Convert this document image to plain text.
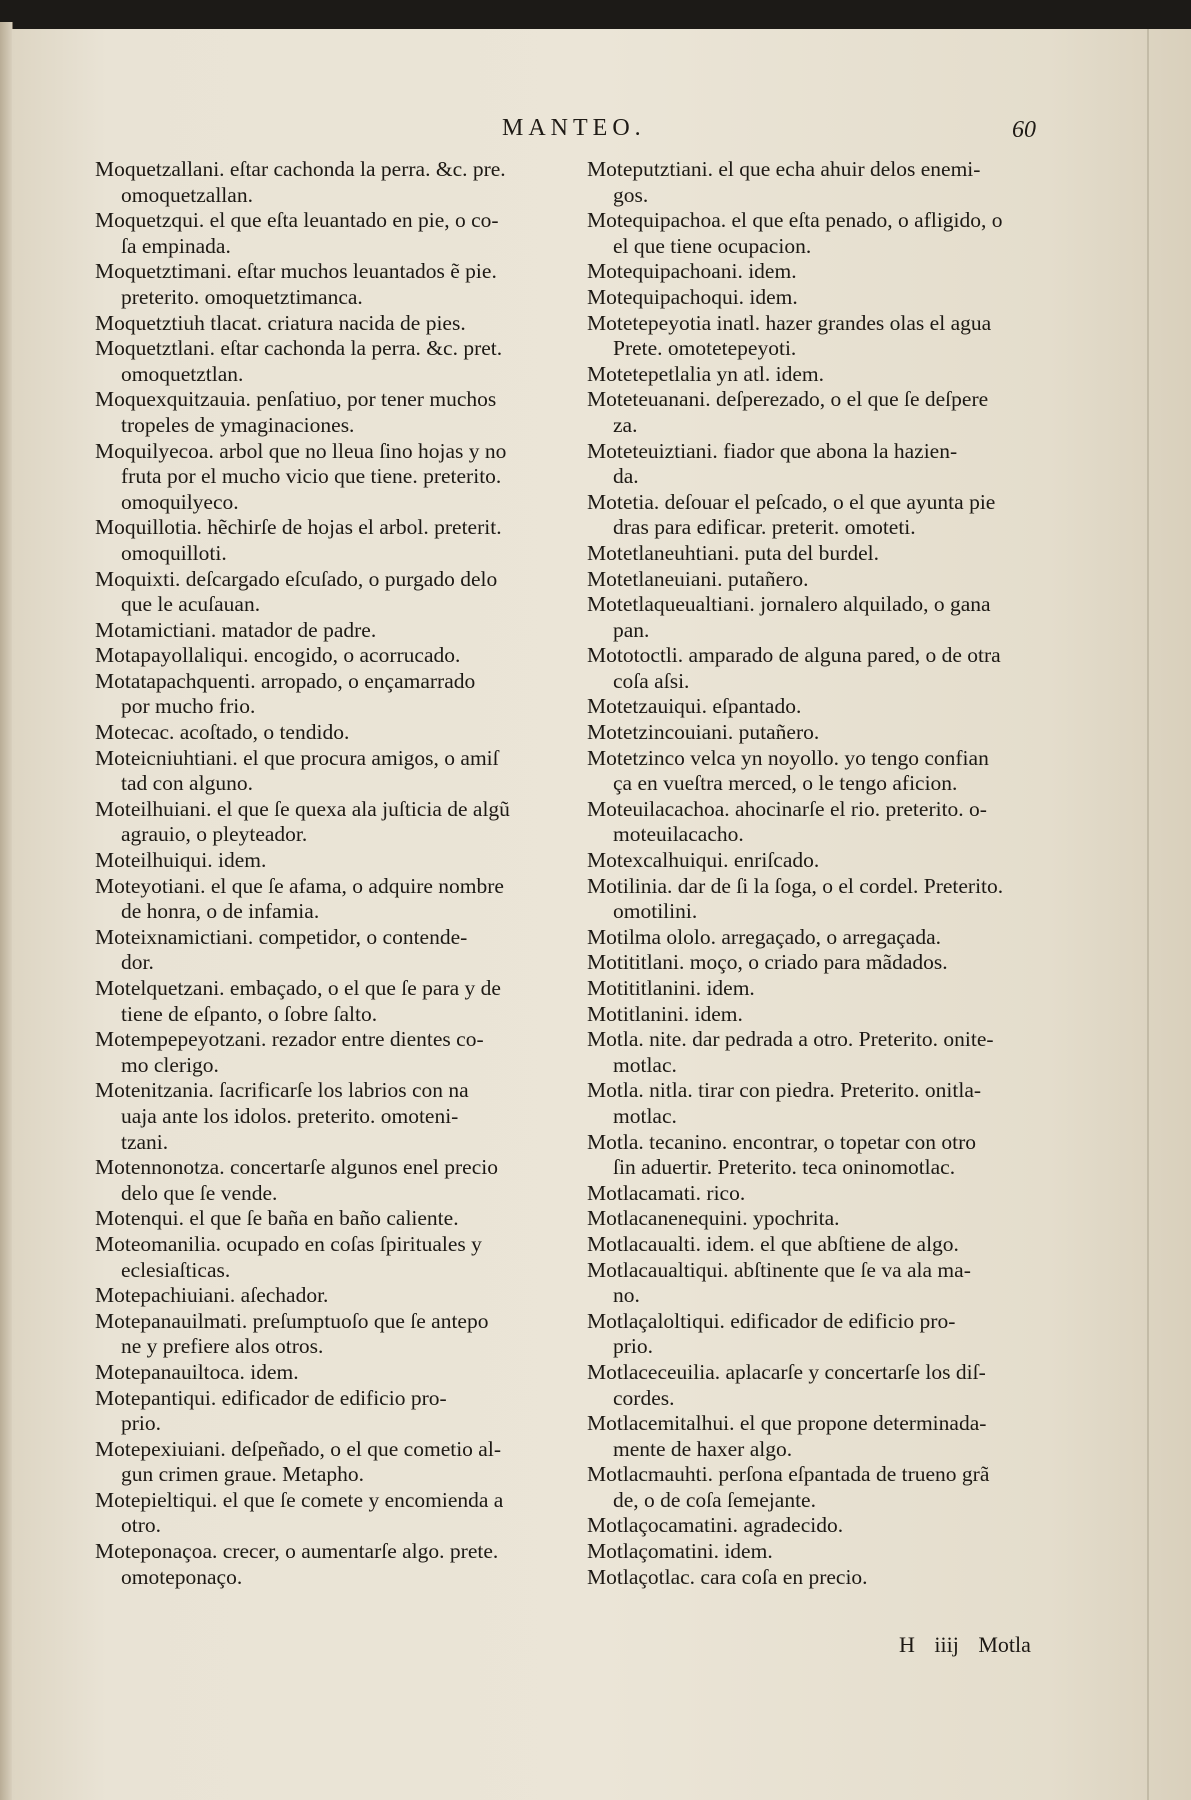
MANTEO.	60
Moquetzallani. eſtar cachonda la perra. &c. pre.
omoquetzallan.
Moquetzqui. el que eſta leuantado en pie, o co-
ſa empinada.
Moquetztimani. eſtar muchos leuantados ẽ pie.
preterito. omoquetztimanca.
Moquetztiuh tlacat. criatura nacida de pies.
Moquetztlani. eſtar cachonda la perra. &c. pret.
omoquetztlan.
Moquexquitzauia. penſatiuo, por tener muchos
tropeles de ymaginaciones.
Moquilyecoa. arbol que no lleua ſino hojas y no
fruta por el mucho vicio que tiene. preterito.
omoquilyeco.
Moquillotia. hẽchirſe de hojas el arbol. preterit.
omoquilloti.
Moquixti. deſcargado eſcuſado, o purgado delo
que le acuſauan.
Motamictiani. matador de padre.
Motapayollaliqui. encogido, o acorrucado.
Motatapachquenti. arropado, o ençamarrado
por mucho frio.
Motecac. acoſtado, o tendido.
Moteicniuhtiani. el que procura amigos, o amiſ
tad con alguno.
Moteilhuiani. el que ſe quexa ala juſticia de algũ
agrauio, o pleyteador.
Moteilhuiqui. idem.
Moteyotiani. el que ſe afama, o adquire nombre
de honra, o de infamia.
Moteixnamictiani. competidor, o contende-
dor.
Motelquetzani. embaçado, o el que ſe para y de
tiene de eſpanto, o ſobre ſalto.
Motempepeyotzani. rezador entre dientes co-
mo clerigo.
Motenitzania. ſacrificarſe los labrios con na
uaja ante los idolos. preterito. omoteni-
tzani.
Motennonotza. concertarſe algunos enel precio
delo que ſe vende.
Motenqui. el que ſe baña en baño caliente.
Moteomanilia. ocupado en coſas ſpirituales y
eclesiaſticas.
Motepachiuiani. aſechador.
Motepanauilmati. preſumptuoſo que ſe antepo
ne y prefiere alos otros.
Motepanauiltoca. idem.
Motepantiqui. edificador de edificio pro-
prio.
Motepexiuiani. deſpeñado, o el que cometio al-
gun crimen graue. Metapho.
Motepieltiqui. el que ſe comete y encomienda a
otro.
Moteponaçoa. crecer, o aumentarſe algo. prete.
omoteponaço.
Moteputztiani. el que echa ahuir delos enemi-
gos.
Motequipachoa. el que eſta penado, o afligido, o
el que tiene ocupacion.
Motequipachoani. idem.
Motequipachoqui. idem.
Motetepeyotia inatl. hazer grandes olas el agua
Prete. omotetepeyoti.
Motetepetlalia yn atl. idem.
Moteteuanani. deſperezado, o el que ſe deſpere
za.
Moteteuiztiani. fiador que abona la hazien-
da.
Motetia. deſouar el peſcado, o el que ayunta pie
dras para edificar. preterit. omoteti.
Motetlaneuhtiani. puta del burdel.
Motetlaneuiani. putañero.
Motetlaqueualtiani. jornalero alquilado, o gana
pan.
Mototoctli. amparado de alguna pared, o de otra
coſa aſsi.
Motetzauiqui. eſpantado.
Motetzincouiani. putañero.
Motetzinco velca yn noyollo. yo tengo confian
ça en vueſtra merced, o le tengo aficion.
Moteuilacachoa. ahocinarſe el rio. preterito. o-
moteuilacacho.
Motexcalhuiqui. enriſcado.
Motilinia. dar de ſi la ſoga, o el cordel. Preterito.
omotilini.
Motilma ololo. arregaçado, o arregaçada.
Motititlani. moço, o criado para mãdados.
Motititlanini. idem.
Motitlanini. idem.
Motla. nite. dar pedrada a otro. Preterito. onite-
motlac.
Motla. nitla. tirar con piedra. Preterito. onitla-
motlac.
Motla. tecanino. encontrar, o topetar con otro
ſin aduertir. Preterito. teca oninomotlac.
Motlacamati. rico.
Motlacanenequini. ypochrita.
Motlacaualti. idem. el que abſtiene de algo.
Motlacaualtiqui. abſtinente que ſe va ala ma-
no.
Motlaçaloltiqui. edificador de edificio pro-
prio.
Motlaceceuilia. aplacarſe y concertarſe los diſ-
cordes.
Motlacemitalhui. el que propone determinada-
mente de haxer algo.
Motlacmauhti. perſona eſpantada de trueno grã
de, o de coſa ſemejante.
Motlaçocamatini. agradecido.
Motlaçomatini. idem.
Motlaçotlac. cara coſa en precio.
H iiij Motla
